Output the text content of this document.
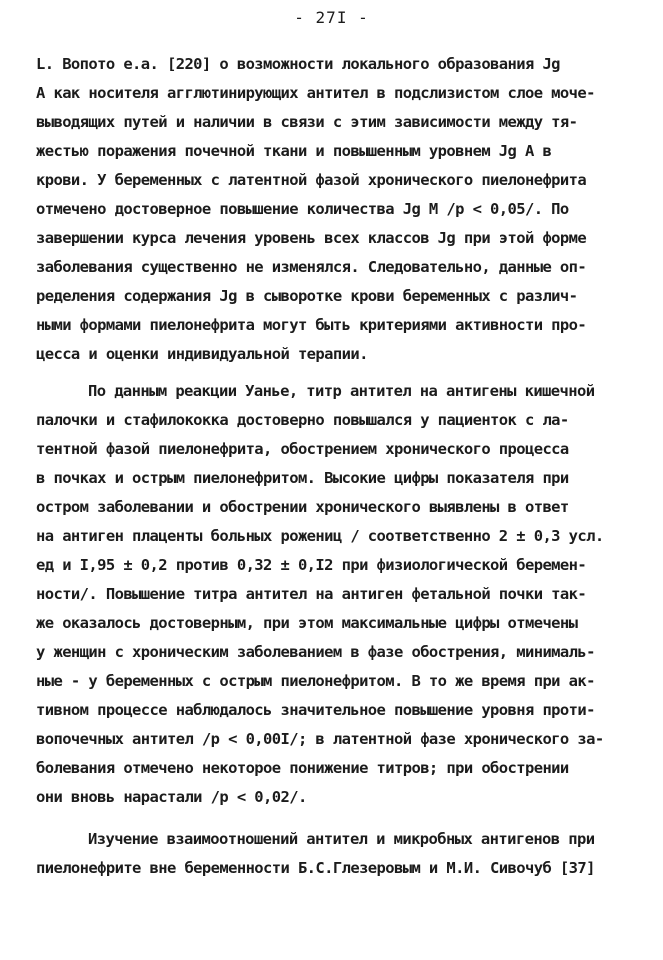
- 27I -
L. Вопото e.a. [220] о возможности локального образования Jg
А как носителя агглютинирующих антител в подслизистом слое моче-
выводящих путей и наличии в связи с этим зависимости между тя-
жестью поражения почечной ткани и повышенным уровнем Jg А в
крови. У беременных с латентной фазой хронического пиелонефрита
отмечено достоверное повышение количества Jg М /р < 0,05/. По
завершении курса лечения уровень всех классов Jg при этой форме
заболевания существенно не изменялся. Следовательно, данные оп-
ределения содержания Jg в сыворотке крови беременных с различ-
ными формами пиелонефрита могут быть критериями активности про-
цесса и оценки индивидуальной терапии.
По данным реакции Уанье, титр антител на антигены кишечной
палочки и стафилококка достоверно повышался у пациенток с ла-
тентной фазой пиелонефрита, обострением хронического процесса
в почках и острым пиелонефритом. Высокие цифры показателя при
остром заболевании и обострении хронического выявлены в ответ
на антиген плаценты больных рожениц / соответственно 2 ± 0,3 усл.
ед и I,95 ± 0,2 против 0,32 ± 0,I2 при физиологической беремен-
ности/. Повышение титра антител на антиген фетальной почки так-
же оказалось достоверным, при этом максимальные цифры отмечены
у женщин с хроническим заболеванием в фазе обострения, минималь-
ные - у беременных с острым пиелонефритом. В то же время при ак-
тивном процессе наблюдалось значительное повышение уровня проти-
вопочечных антител /р < 0,00I/; в латентной фазе хронического за-
болевания отмечено некоторое понижение титров; при обострении
они вновь нарастали /р < 0,02/.
Изучение взаимоотношений антител и микробных антигенов при
пиелонефрите вне беременности Б.С.Глезеровым и М.И. Сивочуб [37]
